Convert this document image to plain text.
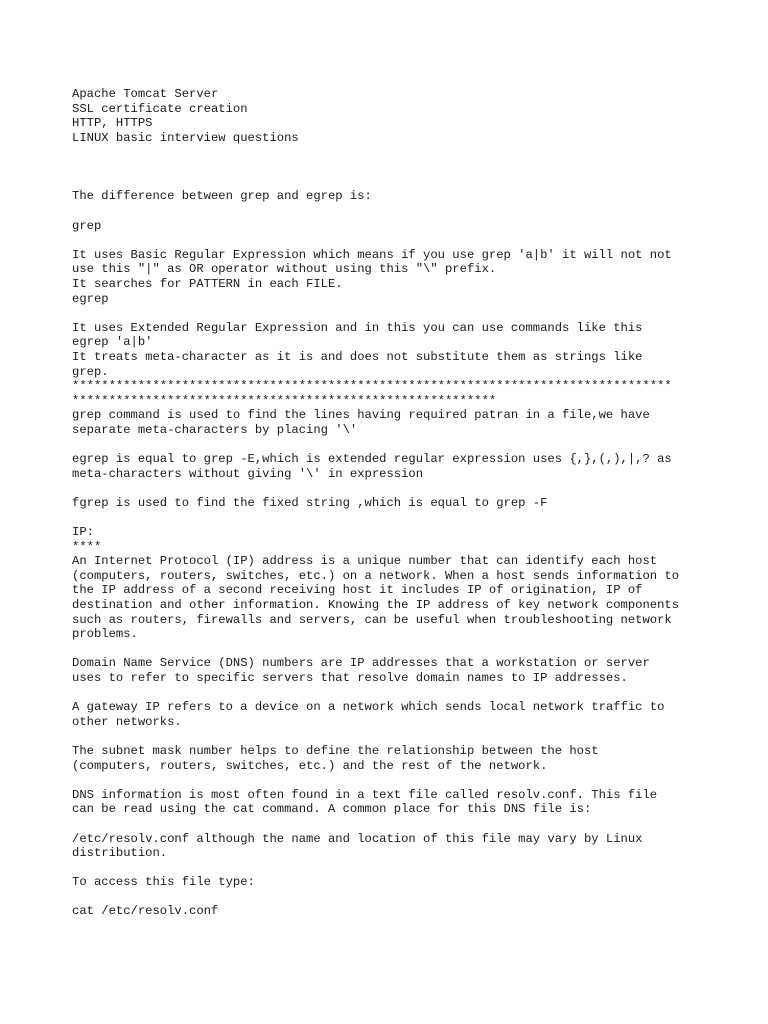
Apache Tomcat Server
SSL certificate creation
HTTP, HTTPS
LINUX basic interview questions
The difference between grep and egrep is:
grep
It uses Basic Regular Expression which means if you use grep 'a|b' it will not not
use this "|" as OR operator without using this "\" prefix.
It searches for PATTERN in each FILE.
egrep
It uses Extended Regular Expression and in this you can use commands like this
egrep 'a|b'
It treats meta-character as it is and does not substitute them as strings like
grep.
**********************************************************************************
**********************************************************
grep command is used to find the lines having required patran in a file,we have
separate meta-characters by placing '\'
egrep is equal to grep -E,which is extended regular expression uses {,},(,),|,? as
meta-characters without giving '\' in expression
fgrep is used to find the fixed string ,which is equal to grep -F
IP:
****
An Internet Protocol (IP) address is a unique number that can identify each host
(computers, routers, switches, etc.) on a network. When a host sends information to
the IP address of a second receiving host it includes IP of origination, IP of
destination and other information. Knowing the IP address of key network components
such as routers, firewalls and servers, can be useful when troubleshooting network
problems.
Domain Name Service (DNS) numbers are IP addresses that a workstation or server
uses to refer to specific servers that resolve domain names to IP addresses.
A gateway IP refers to a device on a network which sends local network traffic to
other networks.
The subnet mask number helps to define the relationship between the host
(computers, routers, switches, etc.) and the rest of the network.
DNS information is most often found in a text file called resolv.conf. This file
can be read using the cat command. A common place for this DNS file is:
/etc/resolv.conf although the name and location of this file may vary by Linux
distribution.
To access this file type:
cat /etc/resolv.conf
